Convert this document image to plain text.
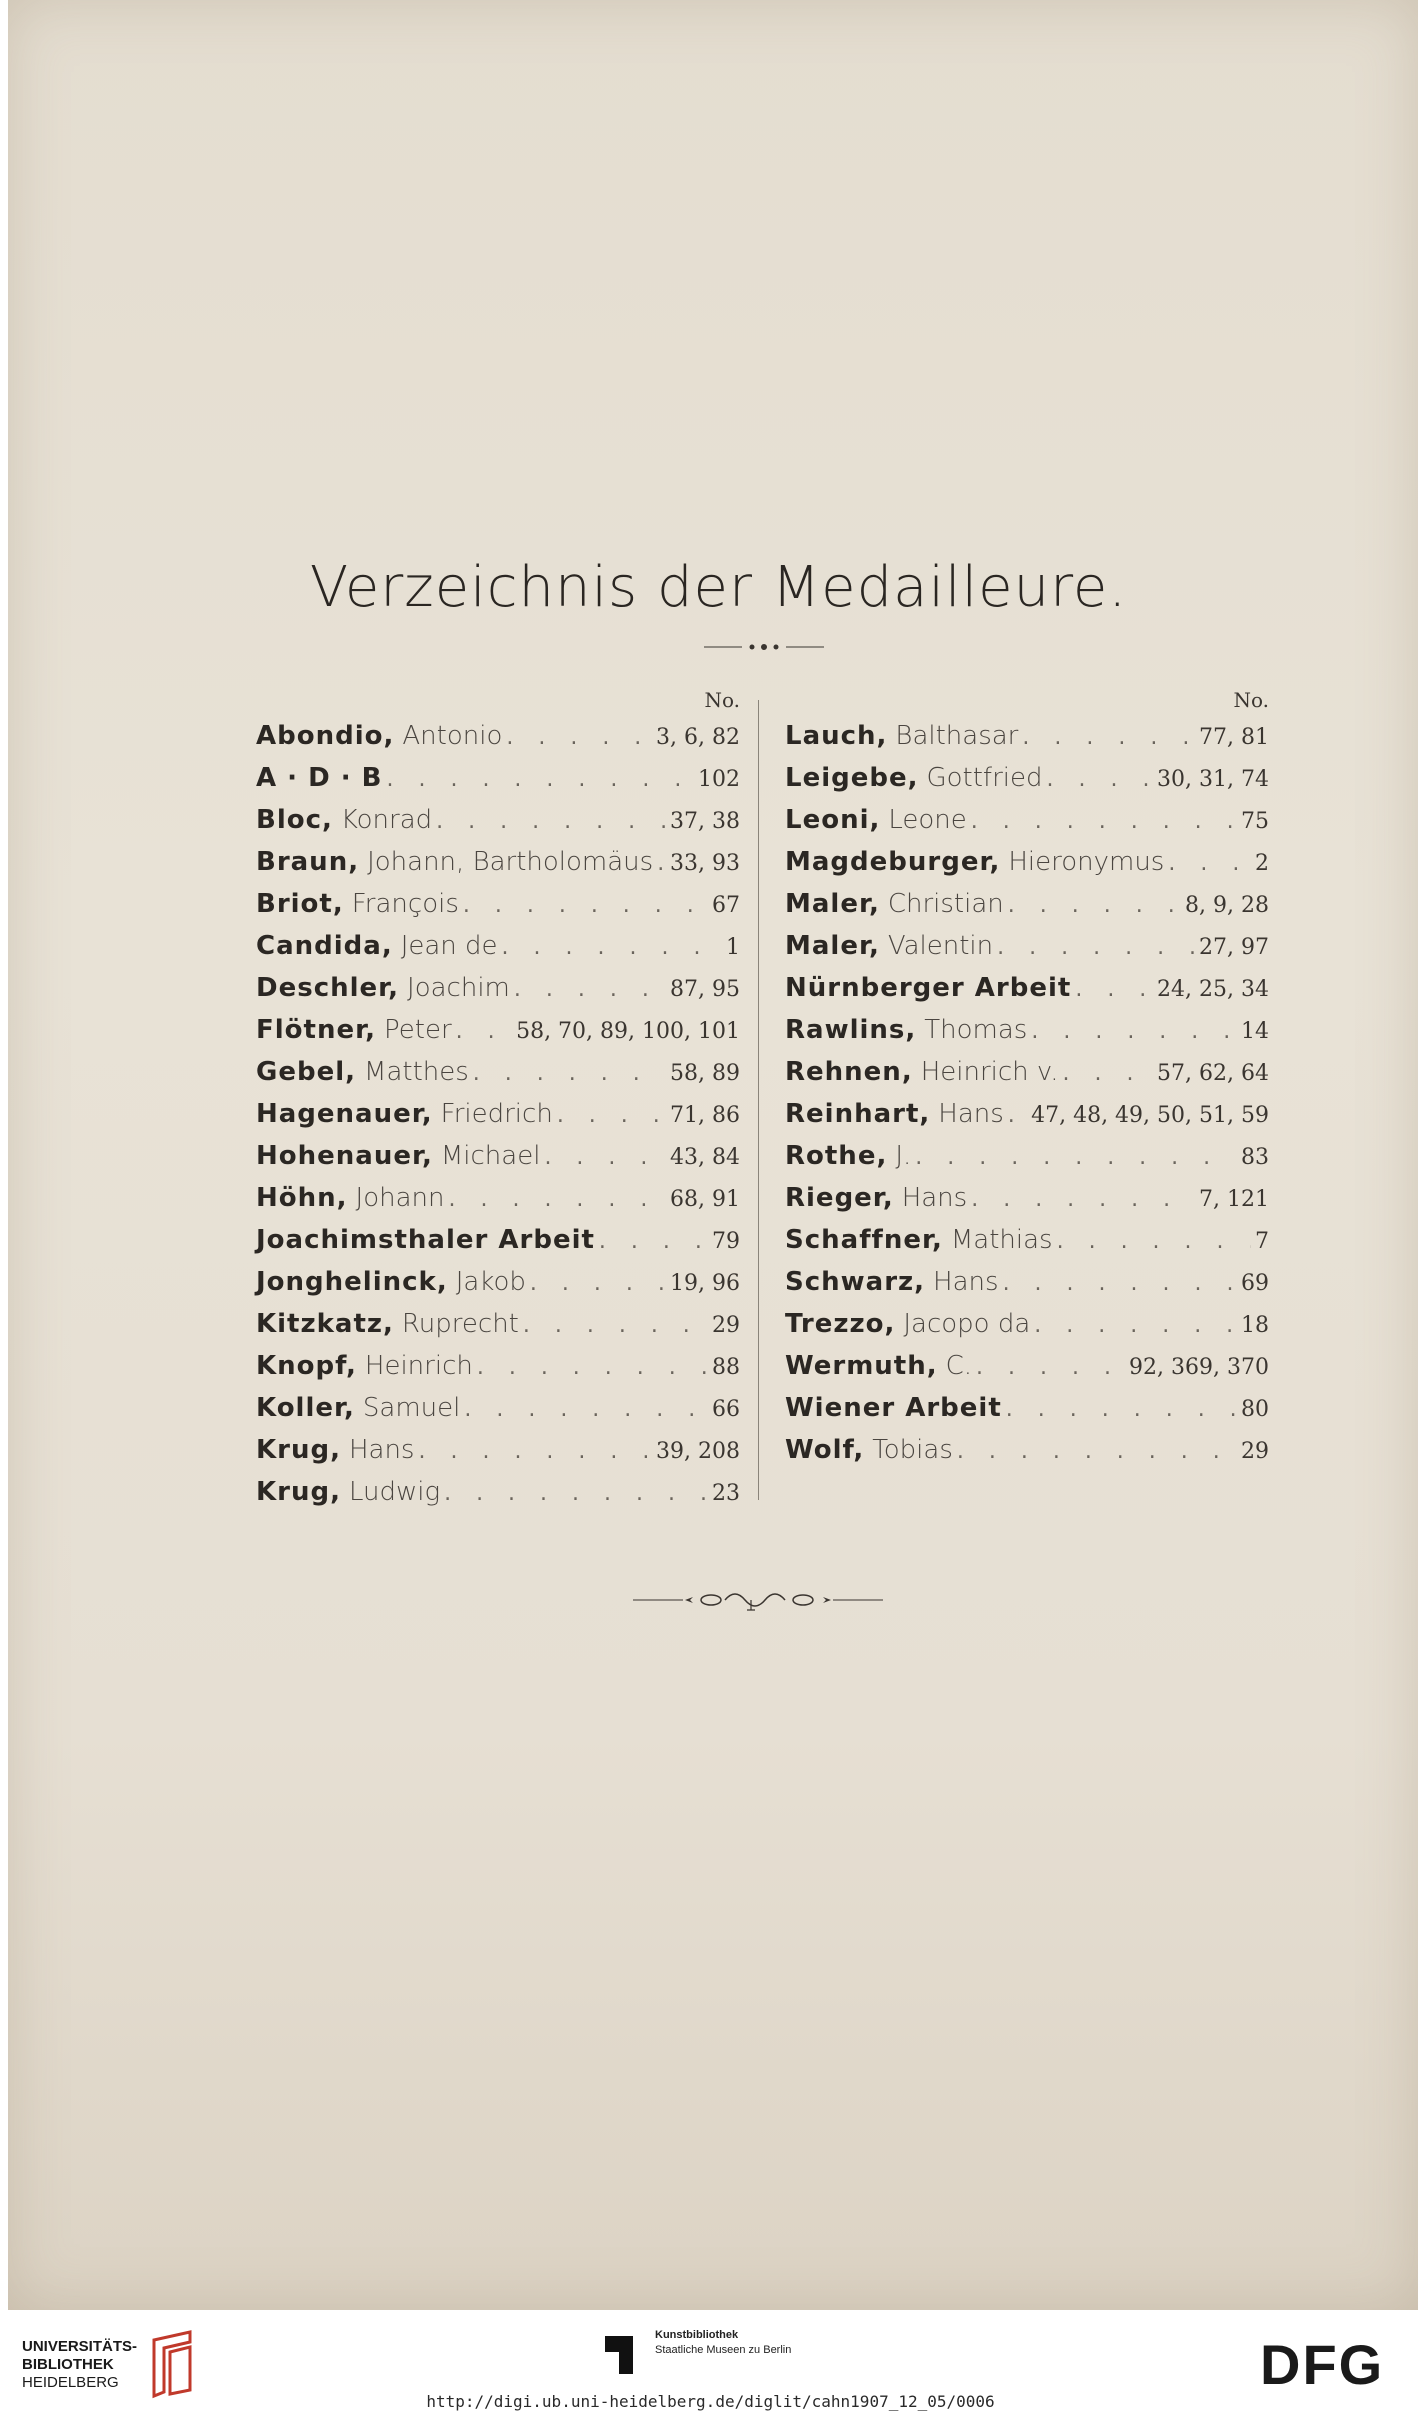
Verzeichnis der Medailleure.
No.
Abondio, Antonio . . .	3, 6, 82
A · D · B . . .	102
Bloc, Konrad . . .	37, 38
Braun, Johann, Bartholomäus . . . 33, 93
Briot, François . . .	67
Candida, Jean de . . .	1
Deschler, Joachim . . .	87, 95
Flötner, Peter . . .	58, 70, 89, 100, 101
Gebel, Matthes . . .	58, 89
Hagenauer, Friedrich . . .	71, 86
Hohenauer, Michael . . .	43, 84
Höhn, Johann . . .	68, 91
Joachimsthaler Arbeit . . .	79
Jonghelinck, Jakob . . .	19, 96
Kitzkatz, Ruprecht . . .	29
Knopf, Heinrich . . .	88
Koller, Samuel . . .	66
Krug, Hans . . .	39, 208
Krug, Ludwig . . .	23
No.
Lauch, Balthasar . . .	77, 81
Leigebe, Gottfried . . .	30, 31, 74
Leoni, Leone . . .	75
Magdeburger, Hieronymus . . .	2
Maler, Christian . . .	8, 9, 28
Maler, Valentin . . .	27, 97
Nürnberger Arbeit . . .	24, 25, 34
Rawlins, Thomas . . .	14
Rehnen, Heinrich v. . . .	57, 62, 64
Reinhart, Hans . . . 47, 48, 49, 50, 51, 59
Rothe, J. . . .	83
Rieger, Hans . . .	7, 121
Schaffner, Mathias . . .	7
Schwarz, Hans . . .	69
Trezzo, Jacopo da . . .	18
Wermuth, C. . . .	92, 369, 370
Wiener Arbeit . . .	80
Wolf, Tobias . . .	29
UNIVERSITÄTS-
BIBLIOTHEK
HEIDELBERG
Kunstbibliothek
Staatliche Museen zu Berlin	DFG
http://digi.ub.uni-heidelberg.de/diglit/cahn1907_12_05/0006
